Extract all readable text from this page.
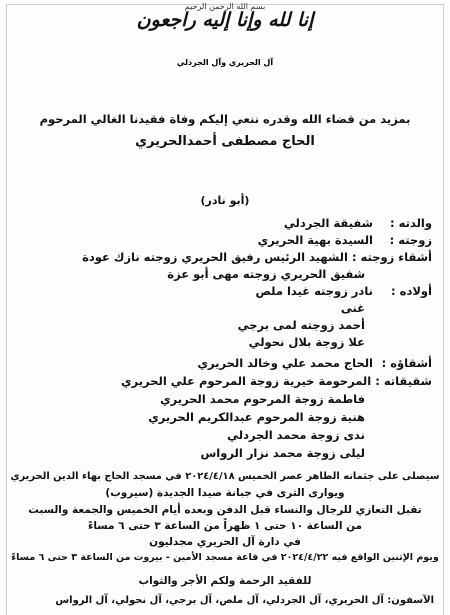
بسم الله الرحمن الرحيم
إنا لله وإنا إليه راجعون
آل الحريري وآل الجردلي
بمزيد من قضاء الله وقدره ننعي إليكم وفاة فقيدنا الغالي المرحوم
الحاج مصطفى أحمدالحريري
(أبو نادر)
والدته : شفيقة الجردلي
زوجته : السيدة بهية الحريري
أشقاء زوجته : الشهيد الرئيس رفيق الحريري زوجته نازك عودة
شفيق الحريري زوجته مهى أبو عزة
أولاده : نادر زوجته غيدا ملص
غنى
أحمد زوجته لمى برجي
علا زوجة بلال نحولي
أشقاؤه : الحاج محمد علي وخالد الحريري
شقيقاته : المرحومة خيرية زوجة المرحوم علي الحريري
فاطمة زوجة المرحوم محمد الحريري
هنية زوجة المرحوم عبدالكريم الحريري
ندى زوجة محمد الجردلي
ليلى زوجة محمد نزار الرواس
سيصلى على جثمانه الطاهر عصر الخميس ٢٠٢٤/٤/١٨ في مسجد الحاج بهاء الدين الحريري
ويوارى الثرى في جبانة صيدا الجديدة (سيروب)
تقبل التعازي للرجال والنساء قبل الدفن وبعده أيام الخميس والجمعة والسبت
من الساعة ١٠ حتى ١ ظهراً من الساعة ٣ حتى ٦ مساءً
في دارة آل الحريري مجدليون
ويوم الإثنين الواقع فيه ٢٠٢٤/٤/٢٢ في قاعة مسجد الأمين - بيروت من الساعة ٣ حتى ٦ مساءً
للفقيد الرحمة ولكم الأجر والثواب
الآسفون: آل الحريري، آل الجردلي، آل ملص، آل برجي، آل نحولي، آل الرواس
